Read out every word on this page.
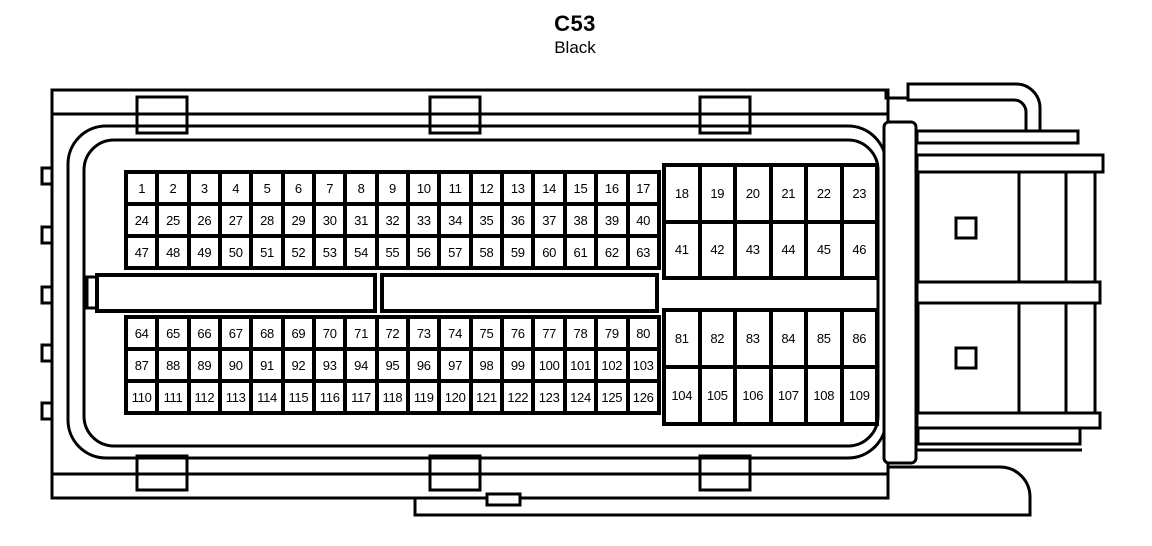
C53
Black
1	2	3	4	5	6	7	8	9	10	11	12	13	14	15	16	17
24	25	26	27	28	29	30	31	32	33	34	35	36	37	38	39	40
47	48	49	50	51	52	53	54	55	56	57	58	59	60	61	62	63
18	19	20	21	22	23
41	42	43	44	45	46
64	65	66	67	68	69	70	71	72	73	74	75	76	77	78	79	80
87	88	89	90	91	92	93	94	95	96	97	98	99	100 101 102 103
110 111 112 113 114 115 116 117 118 119 120 121 122 123 124 125 126
81	82	83	84	85	86
104	105	106	107	108	109
